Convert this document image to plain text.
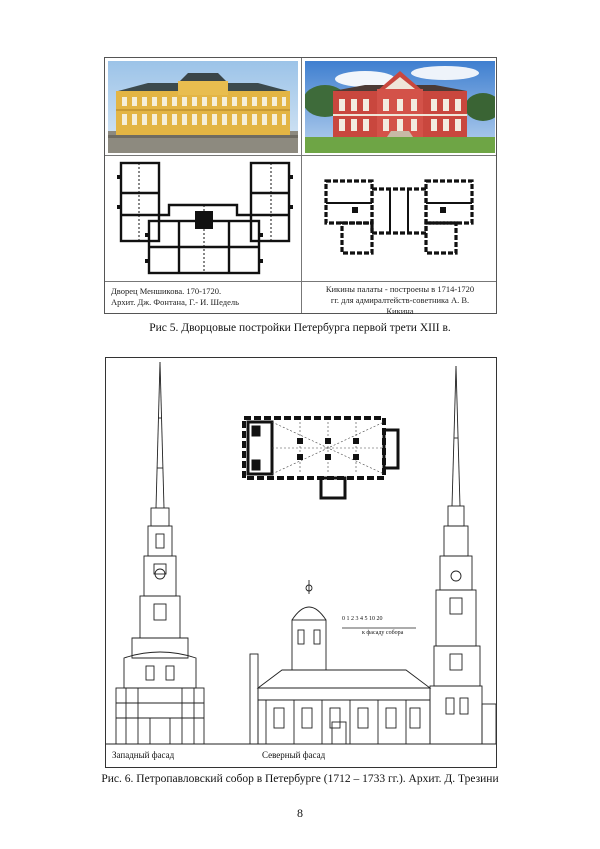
Дворец Меншикова. 170-1720.
Архит. Дж. Фонтана, Г.- И. Шедель
Кикины палаты - построены в 1714-1720
гг. для адмиралтейств-советника А. В.
Кикина
Рис 5. Дворцовые постройки Петербурга первой трети XIII в.
0 1 2 3 4 5 10 20
к фасаду собора
Западный фасад	Северный фасад
Рис. 6. Петропавловский собор в Петербурге (1712 – 1733 гг.). Архит. Д. Трезини
8
